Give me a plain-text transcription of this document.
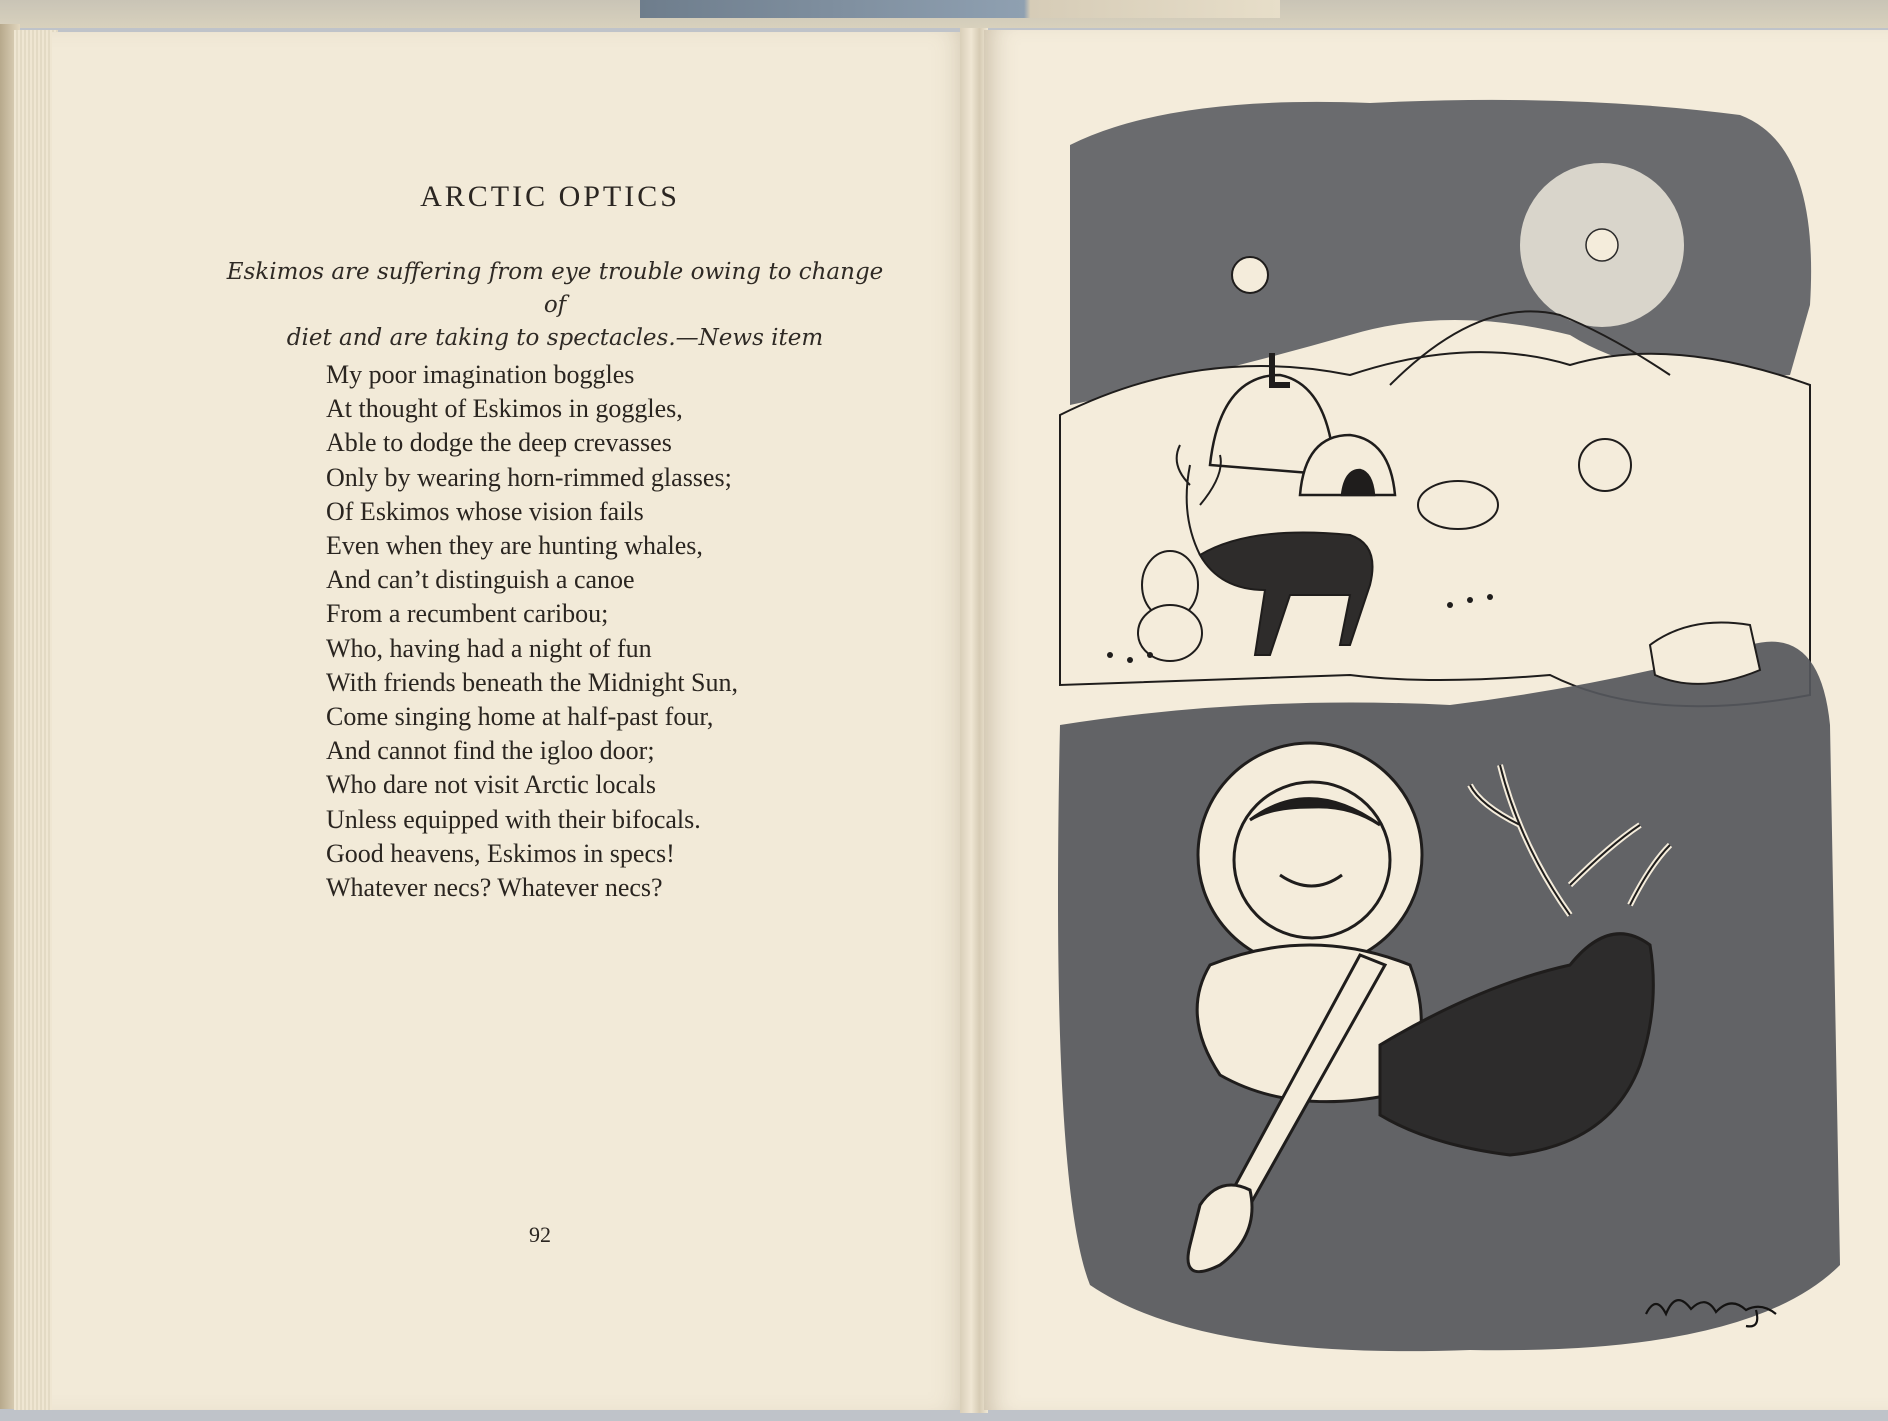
ARCTIC OPTICS
Eskimos are suffering from eye trouble owing to change of
diet and are taking to spectacles.—News item
My poor imagination boggles
At thought of Eskimos in goggles,
Able to dodge the deep crevasses
Only by wearing horn-rimmed glasses;
Of Eskimos whose vision fails
Even when they are hunting whales,
And can’t distinguish a canoe
From a recumbent caribou;
Who, having had a night of fun
With friends beneath the Midnight Sun,
Come singing home at half-past four,
And cannot find the igloo door;
Who dare not visit Arctic locals
Unless equipped with their bifocals.
Good heavens, Eskimos in specs!
Whatever necs? Whatever necs?
92
